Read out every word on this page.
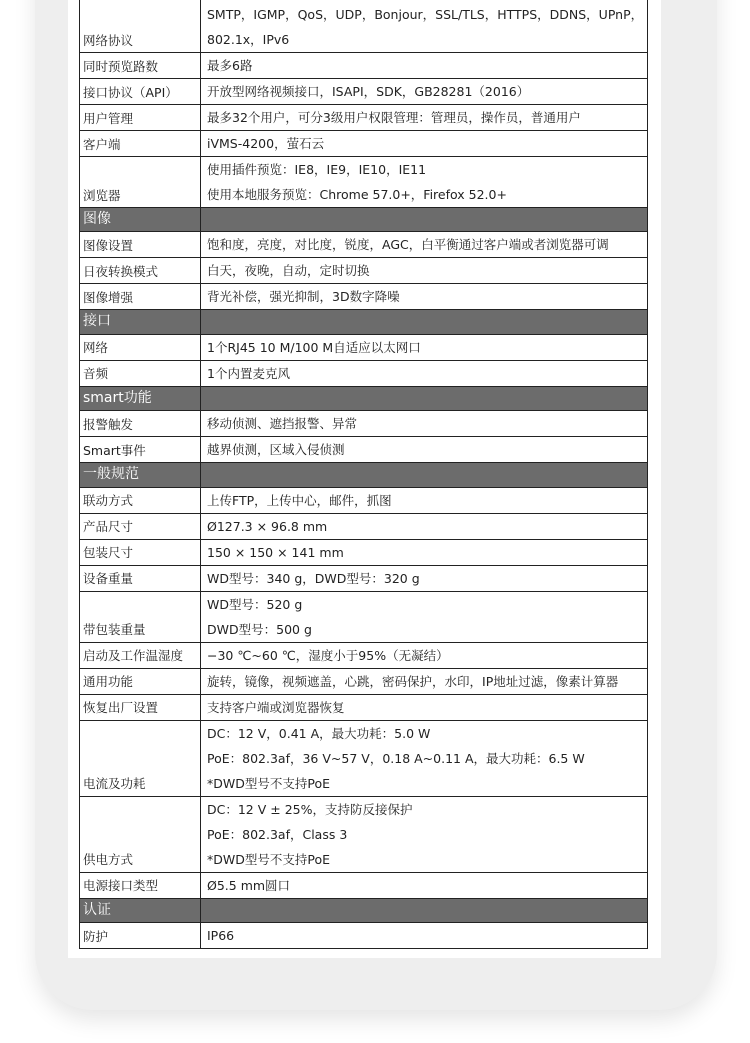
网络协议	SMTP，IGMP，QoS，UDP，Bonjour，SSL/TLS，HTTPS，DDNS，UPnP，
802.1x，IPv6

同时预览路数	最多6路

接口协议（API）	开放型网络视频接口，ISAPI，SDK，GB28281（2016）

用户管理	最多32个用户，可分3级用户权限管理：管理员，操作员，普通用户

客户端	iVMS-4200，萤石云

浏览器	使用插件预览：IE8，IE9，IE10，IE11
使用本地服务预览：Chrome 57.0+，Firefox 52.0+

图像	
图像设置	饱和度，亮度，对比度，锐度，AGC，白平衡通过客户端或者浏览器可调

日夜转换模式	白天，夜晚，自动，定时切换

图像增强	背光补偿，强光抑制，3D数字降噪

接口	
网络	1个RJ45 10 M/100 M自适应以太网口

音频	1个内置麦克风

smart功能	
报警触发	移动侦测、遮挡报警、异常

Smart事件	越界侦测，区域入侵侦测

一般规范	
联动方式	上传FTP，上传中心，邮件，抓图

产品尺寸	Ø127.3 × 96.8 mm

包装尺寸	150 × 150 × 141 mm

设备重量	WD型号：340 g，DWD型号：320 g

带包装重量	WD型号：520 g
DWD型号：500 g

启动及工作温湿度	−30 ℃~60 ℃，湿度小于95%（无凝结）

通用功能	旋转，镜像，视频遮盖，心跳，密码保护，水印，IP地址过滤，像素计算器

恢复出厂设置	支持客户端或浏览器恢复

电流及功耗	DC：12 V，0.41 A，最大功耗：5.0 W
PoE：802.3af，36 V~57 V，0.18 A~0.11 A，最大功耗：6.5 W
*DWD型号不支持PoE

供电方式	DC：12 V ± 25%，支持防反接保护
PoE：802.3af，Class 3
*DWD型号不支持PoE

电源接口类型	Ø5.5 mm圆口

认证	
防护	IP66
